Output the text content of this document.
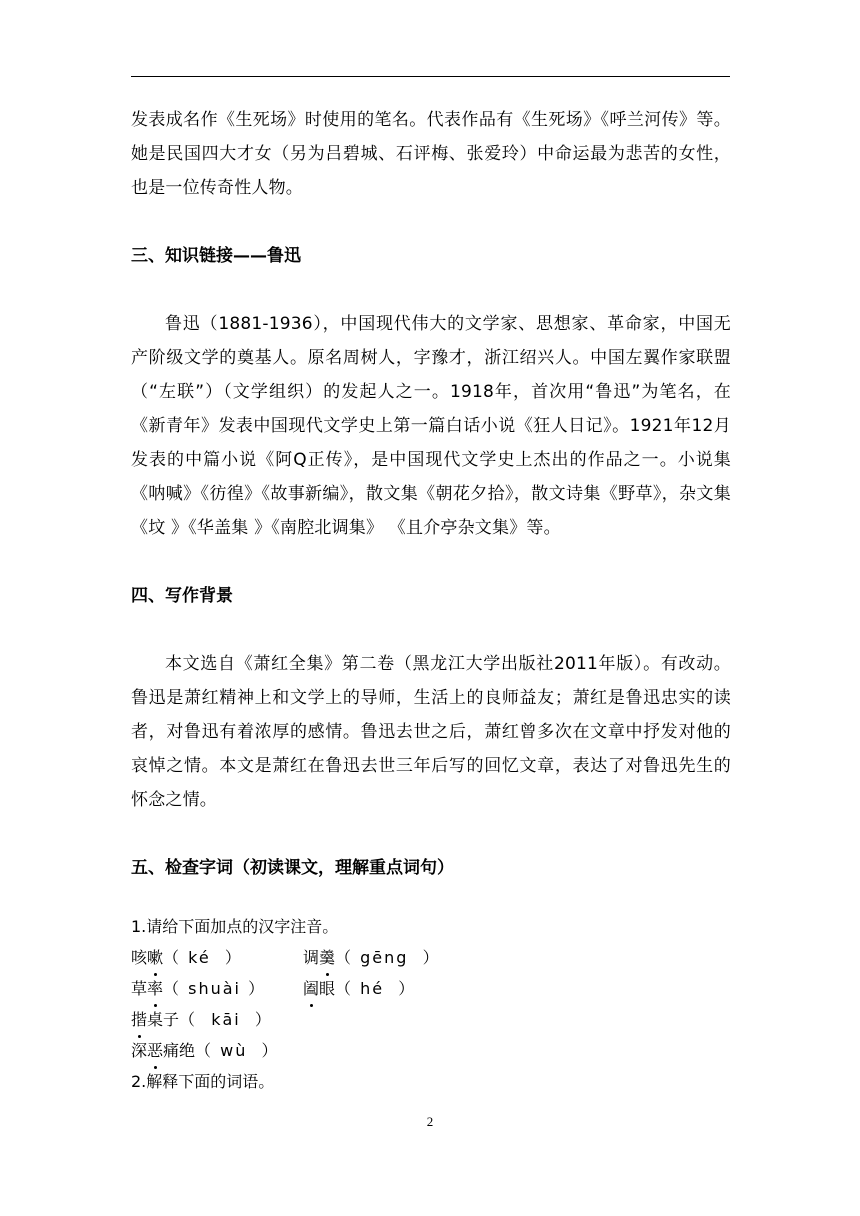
发表成名作《生死场》时使用的笔名。代表作品有《生死场》《呼兰河传》等。她是民国四大才女（另为吕碧城、石评梅、张爱玲）中命运最为悲苦的女性，也是一位传奇性人物。

三、知识链接——鲁迅

鲁迅（1881-1936），中国现代伟大的文学家、思想家、革命家，中国无产阶级文学的奠基人。原名周树人，字豫才，浙江绍兴人。中国左翼作家联盟（“左联”）（文学组织）的发起人之一。1918年，首次用“鲁迅”为笔名，在《新青年》发表中国现代文学史上第一篇白话小说《狂人日记》。1921年12月发表的中篇小说《阿Q正传》，是中国现代文学史上杰出的作品之一。小说集《呐喊》《彷徨》《故事新编》，散文集《朝花夕拾》，散文诗集《野草》，杂文集《坟 》《华盖集 》《南腔北调集》 《且介亭杂文集》等。

四、写作背景

本文选自《萧红全集》第二卷（黑龙江大学出版社2011年版）。有改动。鲁迅是萧红精神上和文学上的导师，生活上的良师益友；萧红是鲁迅忠实的读者，对鲁迅有着浓厚的感情。鲁迅去世之后，萧红曾多次在文章中抒发对他的哀悼之情。本文是萧红在鲁迅去世三年后写的回忆文章，表达了对鲁迅先生的怀念之情。

五、检查字词（初读课文，理解重点词句）

1.请给下面加点的汉字注音。

咳嗽（ ké  ）	调羹（ gēng  ）

草率（ shuài ） 阖眼（ hé  ）

揩桌子（  kāi  ）

深恶痛绝（ wù  ）

2.解释下面的词语。

2
